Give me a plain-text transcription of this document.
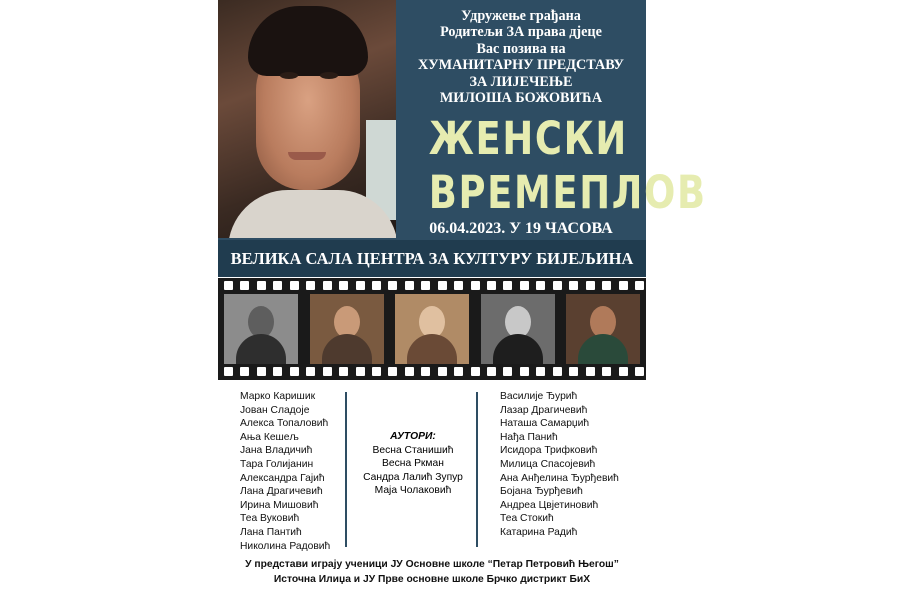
Удружење грађана
Родитељи ЗА права дјеце
Вас позива на
ХУМАНИТАРНУ ПРЕДСТАВУ
ЗА ЛИЈЕЧЕЊЕ
МИЛОША БОЖОВИЋА
ЖЕНСКИ
ВРЕМЕПЛОВ
06.04.2023. У 19 ЧАСОВА
ВЕЛИКА САЛА ЦЕНТРА ЗА КУЛТУРУ БИЈЕЉИНА
Марко Каришик
Јован Сладоје
Алекса Топаловић
Ања Кешељ
Јана Владичић
Тара Голијанин
Александра Гајић
Лана Драгичевић
Ирина Мишовић
Теа Вуковић
Лана Пантић
Николина Радовић
АУТОРИ:
Весна Станишић
Весна Ркман
Сандра Лалић Зупур
Маја Чолаковић
Василије Ђурић
Лазар Драгичевић
Наташа Самарџић
Нађа Панић
Исидора Трифковић
Милица Спасојевић
Ана Анђелина Ђурђевић
Бојана Ђурђевић
Андреа Цвјетиновић
Теа Стокић
Катарина Радић
У представи играју ученици ЈУ Основне школе “Петар Петровић Његош”
Источна Илиџа и ЈУ Прве основне школе Брчко дистрикт БиХ
